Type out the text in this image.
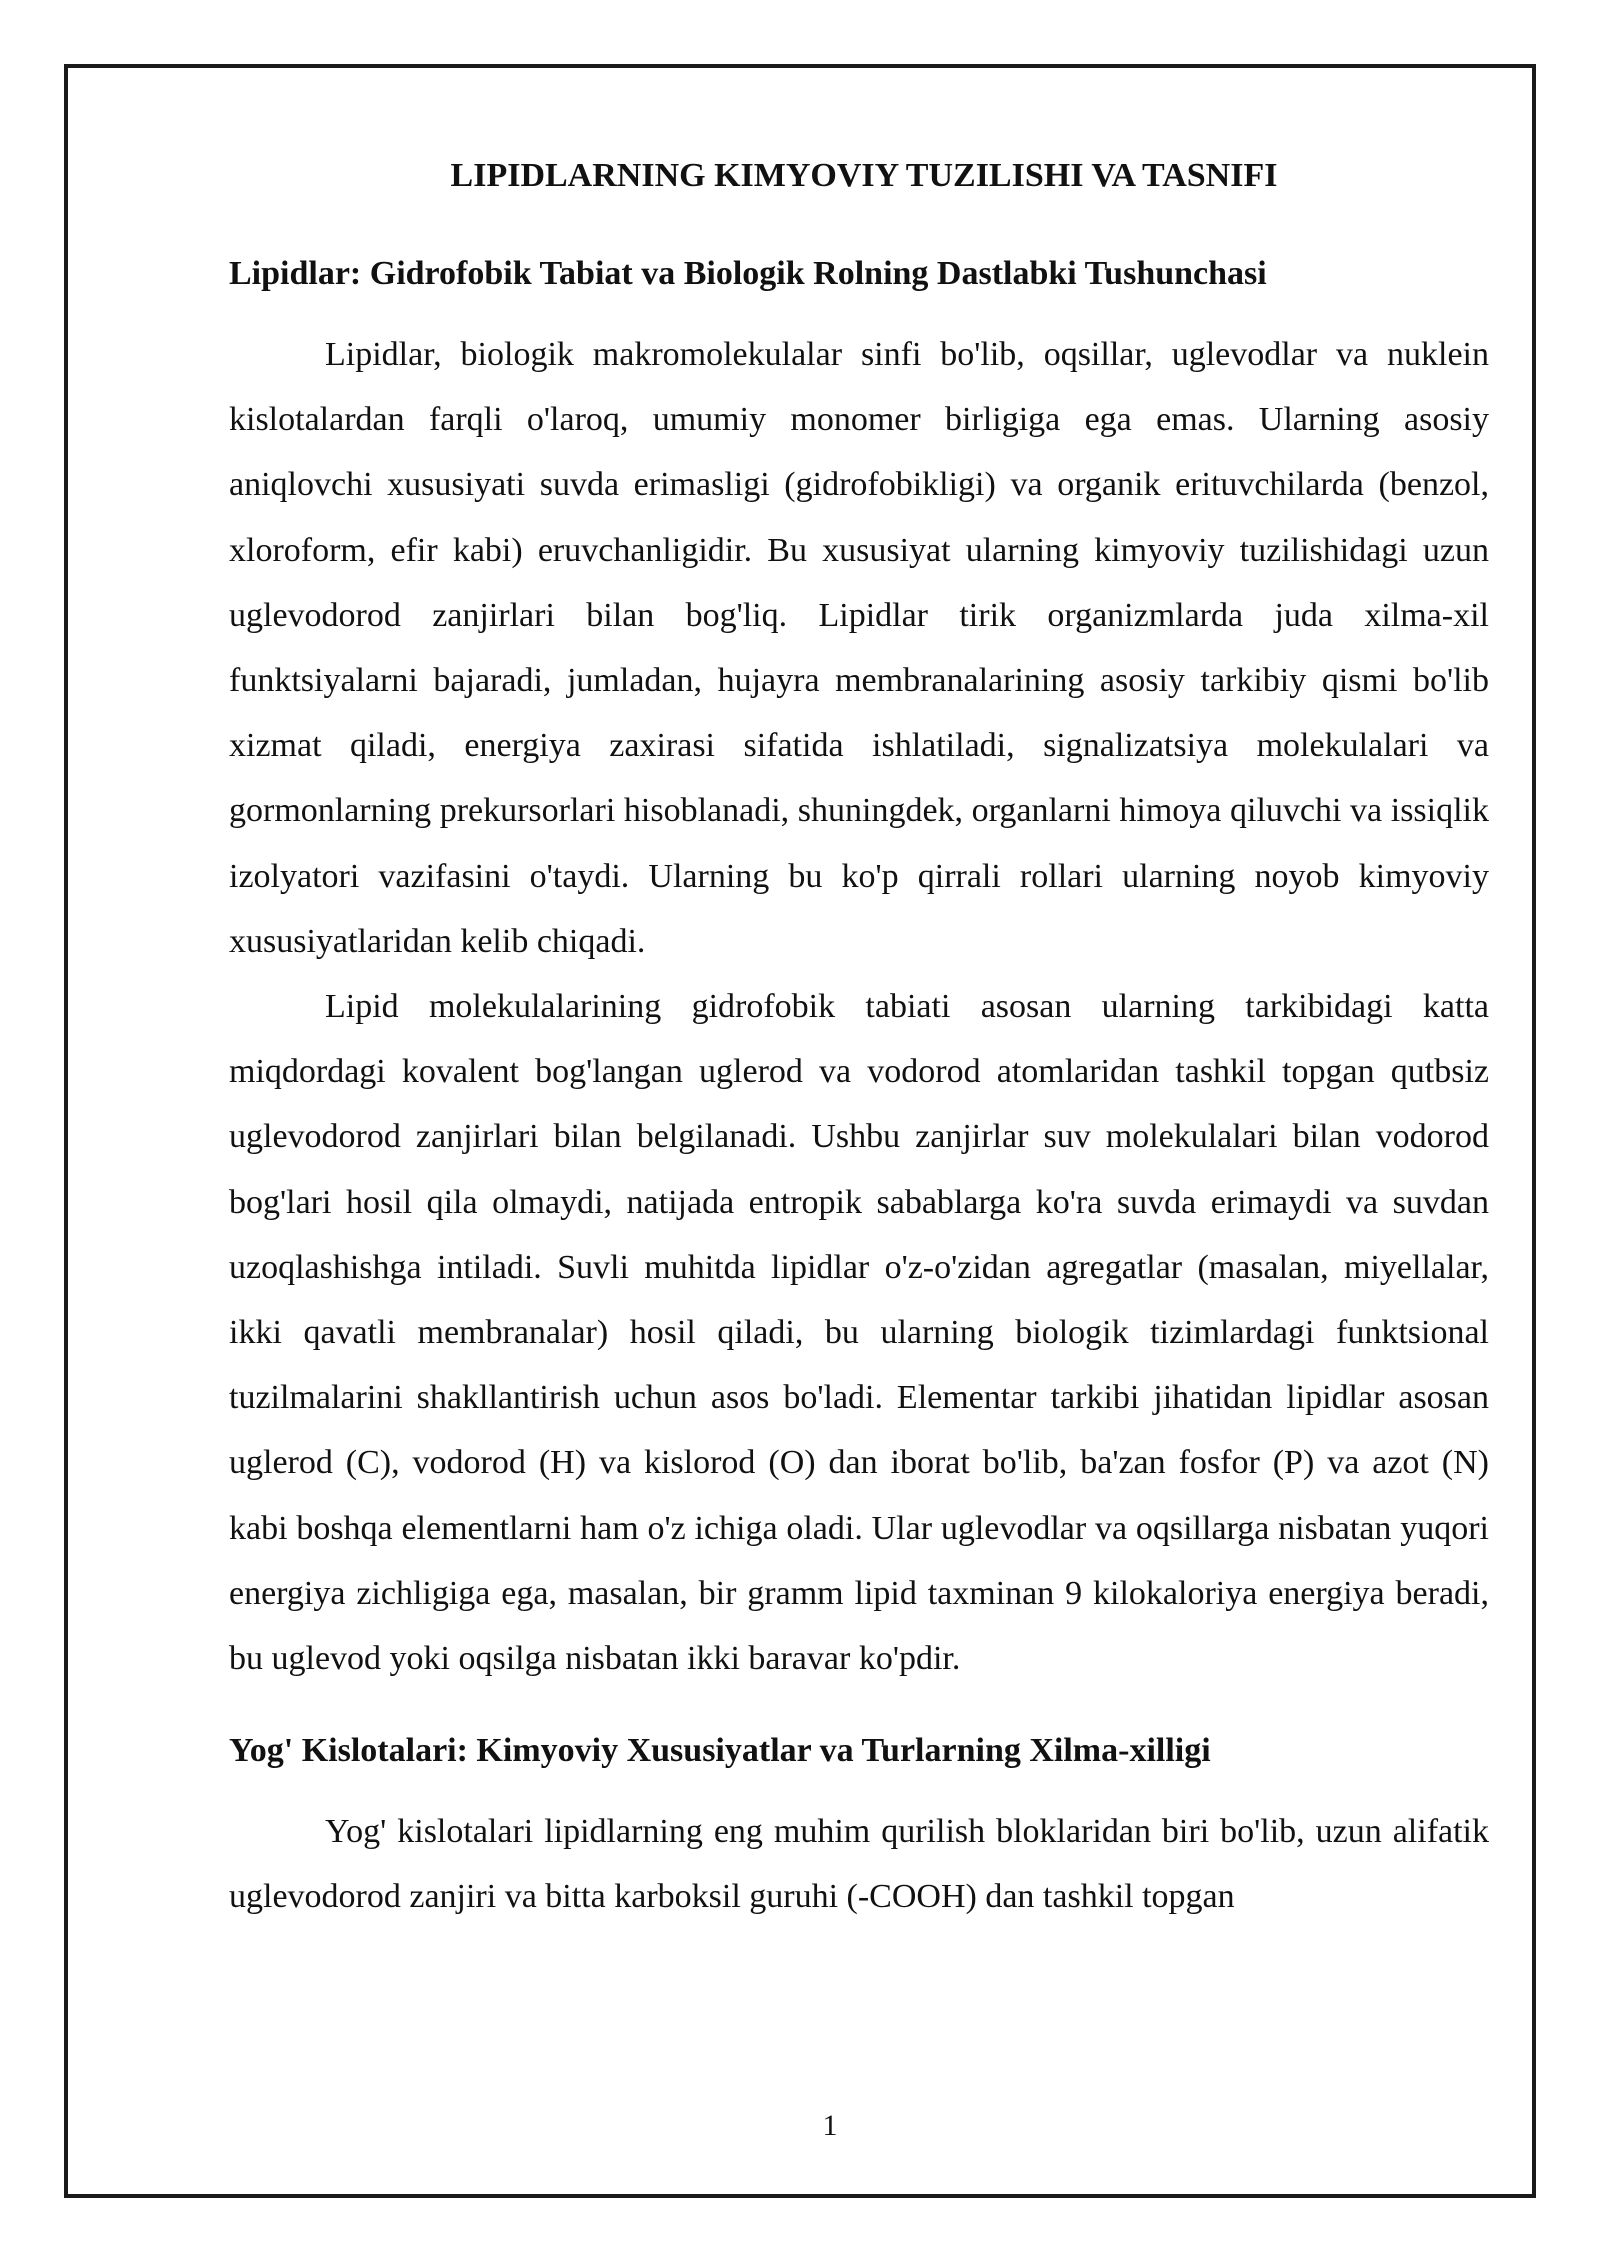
LIPIDLARNING KIMYOVIY TUZILISHI VA TASNIFI
Lipidlar: Gidrofobik Tabiat va Biologik Rolning Dastlabki Tushunchasi

Lipidlar, biologik makromolekulalar sinfi bo'lib, oqsillar, uglevodlar va nuklein kislotalardan farqli o'laroq, umumiy monomer birligiga ega emas. Ularning asosiy aniqlovchi xususiyati suvda erimasligi (gidrofobikligi) va organik erituvchilarda (benzol, xloroform, efir kabi) eruvchanligidir. Bu xususiyat ularning kimyoviy tuzilishidagi uzun uglevodorod zanjirlari bilan bog'liq. Lipidlar tirik organizmlarda juda xilma-xil funktsiyalarni bajaradi, jumladan, hujayra membranalarining asosiy tarkibiy qismi bo'lib xizmat qiladi, energiya zaxirasi sifatida ishlatiladi, signalizatsiya molekulalari va gormonlarning prekursorlari hisoblanadi, shuningdek, organlarni himoya qiluvchi va issiqlik izolyatori vazifasini o'taydi. Ularning bu ko'p qirrali rollari ularning noyob kimyoviy xususiyatlaridan kelib chiqadi.

Lipid molekulalarining gidrofobik tabiati asosan ularning tarkibidagi katta miqdordagi kovalent bog'langan uglerod va vodorod atomlaridan tashkil topgan qutbsiz uglevodorod zanjirlari bilan belgilanadi. Ushbu zanjirlar suv molekulalari bilan vodorod bog'lari hosil qila olmaydi, natijada entropik sabablarga ko'ra suvda erimaydi va suvdan uzoqlashishga intiladi. Suvli muhitda lipidlar o'z-o'zidan agregatlar (masalan, miyellalar, ikki qavatli membranalar) hosil qiladi, bu ularning biologik tizimlardagi funktsional tuzilmalarini shakllantirish uchun asos bo'ladi. Elementar tarkibi jihatidan lipidlar asosan uglerod (C), vodorod (H) va kislorod (O) dan iborat bo'lib, ba'zan fosfor (P) va azot (N) kabi boshqa elementlarni ham o'z ichiga oladi. Ular uglevodlar va oqsillarga nisbatan yuqori energiya zichligiga ega, masalan, bir gramm lipid taxminan 9 kilokaloriya energiya beradi, bu uglevod yoki oqsilga nisbatan ikki baravar ko'pdir.

Yog' Kislotalari: Kimyoviy Xususiyatlar va Turlarning Xilma-xilligi

Yog' kislotalari lipidlarning eng muhim qurilish bloklaridan biri bo'lib, uzun alifatik uglevodorod zanjiri va bitta karboksil guruhi (-COOH) dan tashkil topgan

1
